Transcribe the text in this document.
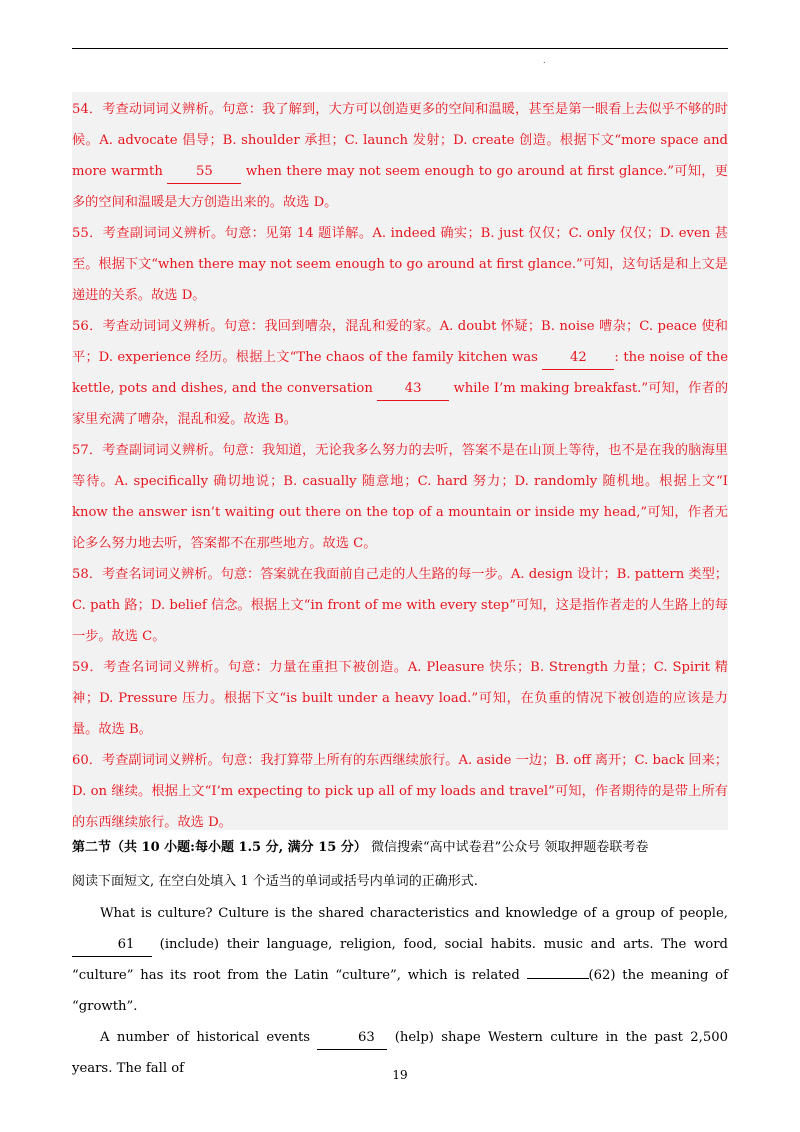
.

54．考查动词词义辨析。句意：我了解到，大方可以创造更多的空间和温暖，甚至是第一眼看上去似乎不够的时候。A. advocate 倡导；B. shoulder 承担；C. launch 发射；D. create 创造。根据下文“more space and more warmth 55 when there may not seem enough to go around at first glance.”可知，更多的空间和温暖是大方创造出来的。故选 D。

55．考查副词词义辨析。句意：见第 14 题详解。A. indeed 确实；B. just 仅仅；C. only 仅仅；D. even 甚至。根据下文“when there may not seem enough to go around at first glance.”可知，这句话是和上文是递进的关系。故选 D。

56．考查动词词义辨析。句意：我回到嘈杂，混乱和爱的家。A. doubt 怀疑；B. noise 嘈杂；C. peace 使和平；D. experience 经历。根据上文“The chaos of the family kitchen was 42 : the noise of the kettle, pots and dishes, and the conversation 43 while I’m making breakfast.”可知，作者的家里充满了嘈杂，混乱和爱。故选 B。

57．考查副词词义辨析。句意：我知道，无论我多么努力的去听，答案不是在山顶上等待，也不是在我的脑海里等待。A. specifically 确切地说；B. casually 随意地；C. hard 努力；D. randomly 随机地。根据上文“I know the answer isn’t waiting out there on the top of a mountain or inside my head,”可知，作者无论多么努力地去听，答案都不在那些地方。故选 C。

58．考查名词词义辨析。句意：答案就在我面前自己走的人生路的每一步。A. design 设计；B. pattern 类型；C. path 路；D. belief 信念。根据上文“in front of me with every step”可知，这是指作者走的人生路上的每一步。故选 C。

59．考查名词词义辨析。句意：力量在重担下被创造。A. Pleasure 快乐；B. Strength 力量；C. Spirit 精神；D. Pressure 压力。根据下文“is built under a heavy load.”可知，在负重的情况下被创造的应该是力量。故选 B。

60．考查副词词义辨析。句意：我打算带上所有的东西继续旅行。A. aside 一边；B. off 离开；C. back 回来；D. on 继续。根据上文“I’m expecting to pick up all of my loads and travel”可知，作者期待的是带上所有的东西继续旅行。故选 D。

第二节（共 10 小题:每小题 1.5 分, 满分 15 分） 微信搜索“高中试卷君”公众号 领取押题卷联考卷
阅读下面短文, 在空白处填入 1 个适当的单词或括号内单词的正确形式.

What is culture? Culture is the shared characteristics and knowledge of a group of people, 61 (include) their language, religion, food, social habits. music and arts. The word “culture” has its root from the Latin “culture”, which is related	(62) the meaning of “growth”.

A number of historical events	63 (help) shape Western culture in the past 2,500 years. The fall of	19
